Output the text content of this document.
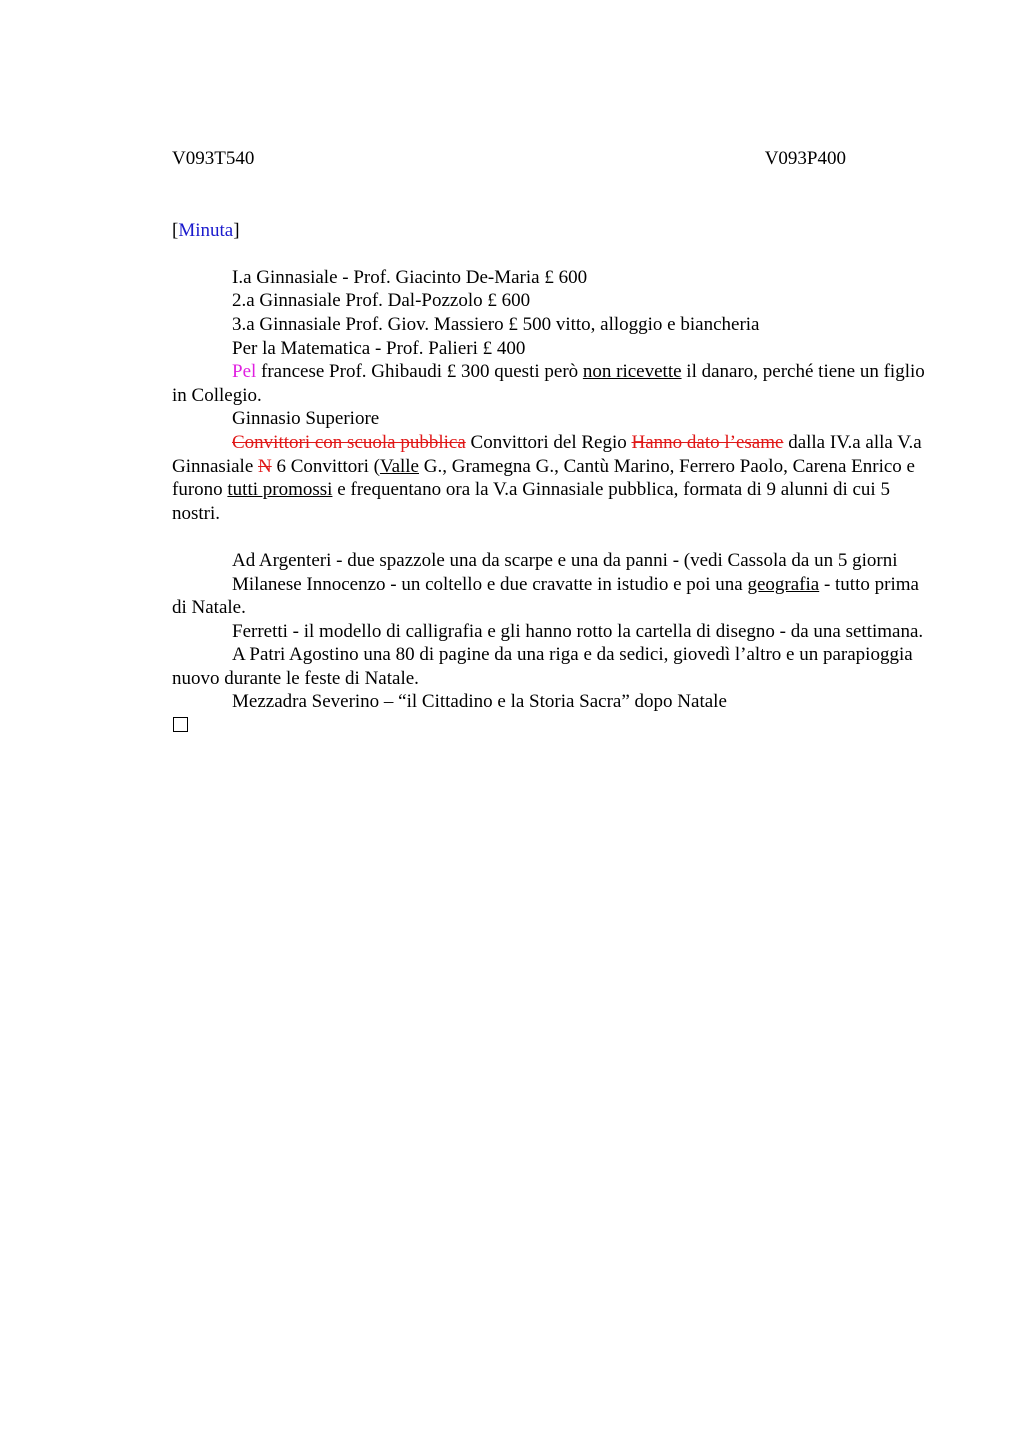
V093T540	V093P400
[Minuta]

I.a Ginnasiale - Prof. Giacinto De-Maria £ 600

2.a Ginnasiale Prof. Dal-Pozzolo £ 600

3.a Ginnasiale Prof. Giov. Massiero £ 500 vitto, alloggio e biancheria

Per la Matematica - Prof. Palieri £ 400

Pel francese Prof. Ghibaudi £ 300 questi però non ricevette il danaro, perché tiene un figlio in Collegio.

Ginnasio Superiore

Convittori con scuola pubblica Convittori del Regio Hanno dato l’esame dalla IV.a alla V.a Ginnasiale N 6 Convittori (Valle G., Gramegna G., Cantù Marino, Ferrero Paolo, Carena Enrico e furono tutti promossi e frequentano ora la V.a Ginnasiale pubblica, formata di 9 alunni di cui 5 nostri.

Ad Argenteri - due spazzole una da scarpe e una da panni - (vedi Cassola da un 5 giorni

Milanese Innocenzo - un coltello e due cravatte in istudio e poi una geografia - tutto prima di Natale.

Ferretti - il modello di calligrafia e gli hanno rotto la cartella di disegno - da una settimana.

A Patri Agostino una 80 di pagine da una riga e da sedici, giovedì l’altro e un parapioggia nuovo durante le feste di Natale.

Mezzadra Severino – “il Cittadino e la Storia Sacra” dopo Natale
